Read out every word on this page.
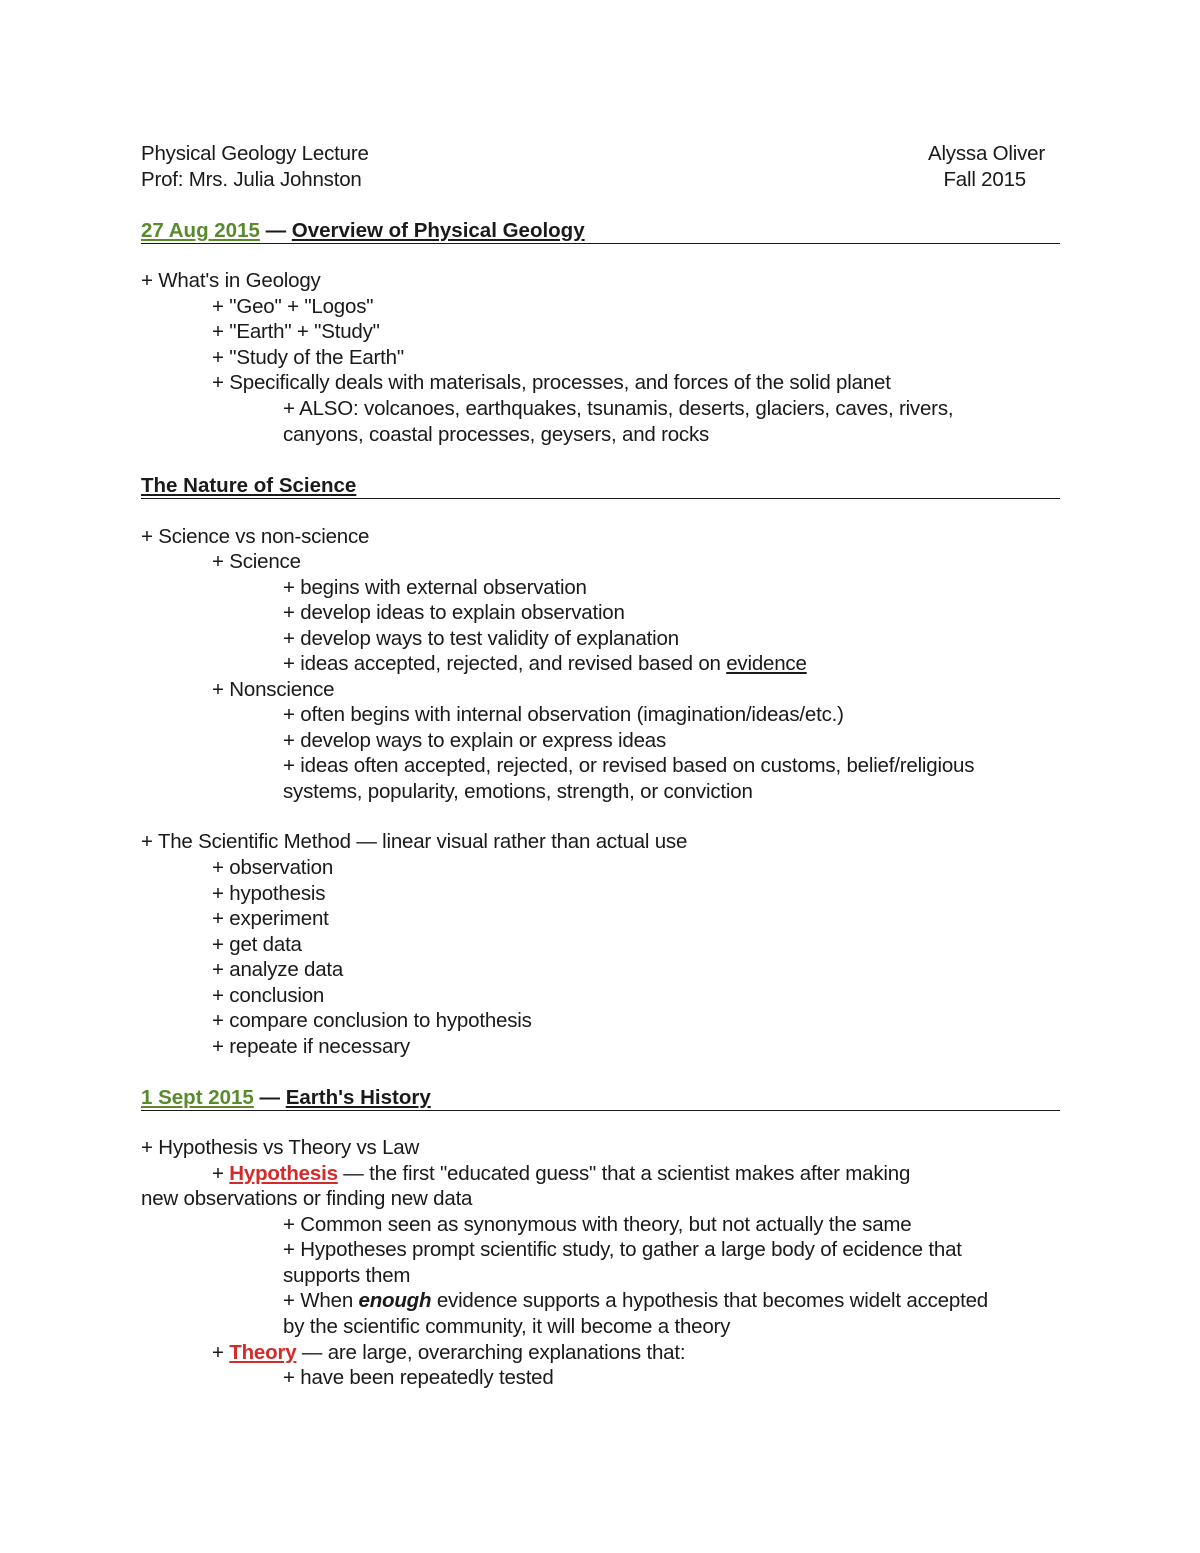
Physical Geology Lecture

Prof: Mrs. Julia Johnston

Alyssa Oliver

Fall 2015

27 Aug 2015 — Overview of Physical Geology

+ What's in Geology

+ "Geo" + "Logos"

+ "Earth" + "Study"

+ "Study of the Earth"

+ Specifically deals with materisals, processes, and forces of the solid planet

+ ALSO: volcanoes, earthquakes, tsunamis, deserts, glaciers, caves, rivers,

canyons, coastal processes, geysers, and rocks

The Nature of Science

+ Science vs non-science

+ Science

+ begins with external observation

+ develop ideas to explain observation

+ develop ways to test validity of explanation

+ ideas accepted, rejected, and revised based on evidence

+ Nonscience

+ often begins with internal observation (imagination/ideas/etc.)

+ develop ways to explain or express ideas

+ ideas often accepted, rejected, or revised based on customs, belief/religious

systems, popularity, emotions, strength, or conviction

+ The Scientific Method — linear visual rather than actual use

+ observation

+ hypothesis

+ experiment

+ get data

+ analyze data

+ conclusion

+ compare conclusion to hypothesis

+ repeate if necessary

1 Sept 2015 — Earth's History

+ Hypothesis vs Theory vs Law

+ Hypothesis — the first "educated guess" that a scientist makes after making

new observations or finding new data

+ Common seen as synonymous with theory, but not actually the same

+ Hypotheses prompt scientific study, to gather a large body of ecidence that

supports them

+ When enough evidence supports a hypothesis that becomes widelt accepted

by the scientific community, it will become a theory

+ Theory — are large, overarching explanations that:

+ have been repeatedly tested
